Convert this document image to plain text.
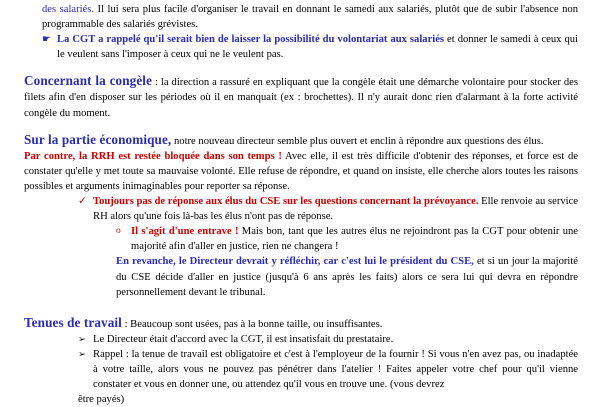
des salariés. Il lui sera plus facile d'organiser le travail en donnant le samedi aux salariés, plutôt que de subir l'absence non programmable des salariés grévistes.

☛ La CGT a rappelé qu'il serait bien de laisser la possibilité du volontariat aux salariés et donner le samedi à ceux qui le veulent sans l'imposer à ceux qui ne le veulent pas.

Concernant la congèle : la direction a rassuré en expliquant que la congèle était une démarche volontaire pour stocker des filets afin d'en disposer sur les périodes où il en manquait (ex : brochettes). Il n'y aurait donc rien d'alarmant à la forte activité congèle du moment.

Sur la partie économique, notre nouveau directeur semble plus ouvert et enclin à répondre aux questions des élus.

Par contre, la RRH est restée bloquée dans son temps ! Avec elle, il est très difficile d'obtenir des réponses, et force est de constater qu'elle y met toute sa mauvaise volonté. Elle refuse de répondre, et quand on insiste, elle cherche alors toutes les raisons possibles et arguments inimaginables pour reporter sa réponse.

✓ Toujours pas de réponse aux élus du CSE sur les questions concernant la prévoyance. Elle renvoie au service RH alors qu'une fois là-bas les élus n'ont pas de réponse.
o Il s'agit d'une entrave ! Mais bon, tant que les autres élus ne rejoindront pas la CGT pour obtenir une majorité afin d'aller en justice, rien ne changera !

En revanche, le Directeur devrait y réfléchir, car c'est lui le président du CSE, et si un jour la majorité du CSE décide d'aller en justice (jusqu'à 6 ans après les faits) alors ce sera lui qui devra en répondre personnellement devant le tribunal.

Tenues de travail : Beaucoup sont usées, pas à la bonne taille, ou insuffisantes.

➢ Le Directeur était d'accord avec la CGT, il est insatisfait du prestataire.
➢ Rappel : la tenue de travail est obligatoire et c'est à l'employeur de la fournir ! Si vous n'en avez pas, ou inadaptée à votre taille, alors vous ne pouvez pas pénétrer dans l'atelier ! Faites appeler votre chef pour qu'il vienne constater et vous en donner une, ou attendez qu'il vous en trouve une. (vous devrez

être payés)
